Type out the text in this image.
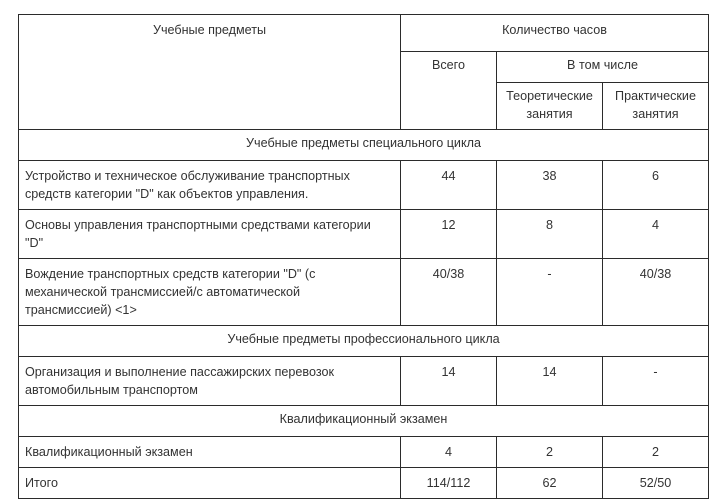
Учебные предметы	Количество часов		
	Всего	В том числе	
		Теоретические занятия	Практические занятия
Учебные предметы специального цикла			
Устройство и техническое обслуживание транспортных средств категории "D" как объектов управления.	44	38	6
Основы управления транспортными средствами категории "D"	12	8	4
Вождение транспортных средств категории "D" (с механической трансмиссией/с автоматической трансмиссией) <1>	40/38	-	40/38
Учебные предметы профессионального цикла			
Организация и выполнение пассажирских перевозок автомобильным транспортом	14	14	-
Квалификационный экзамен			
Квалификационный экзамен	4	2	2
Итого	114/112	62	52/50
